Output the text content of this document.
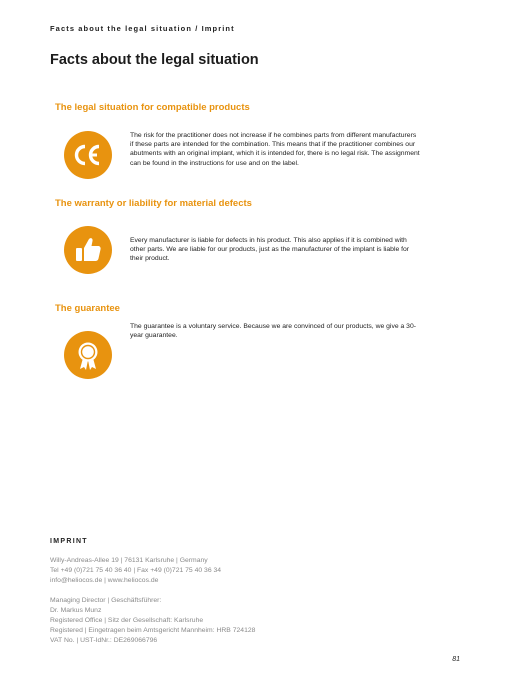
Facts about the legal situation / Imprint
Facts about the legal situation
The legal situation for compatible products
The risk for the practitioner does not increase if he combines parts from different manufacturers if these parts are intended for the combination. This means that if the practitioner combines our abutments with an original implant, which it is intended for, there is no legal risk. The assignment can be found in the instructions for use and on the label.
The warranty or liability for material defects
Every manufacturer is liable for defects in his product. This also applies if it is combined with other parts. We are liable for our products, just as the manufacturer of the implant is liable for their product.
The guarantee
The guarantee is a voluntary service. Because we are convinced of our products, we give a 30-year guarantee.
IMPRINT
Willy-Andreas-Allee 19 | 76131 Karlsruhe | Germany
Tel +49 (0)721 75 40 36 40 | Fax +49 (0)721 75 40 36 34
info@heliocos.de | www.heliocos.de
Managing Director | Geschäftsführer:
Dr. Markus Munz
Registered Office | Sitz der Gesellschaft: Karlsruhe
Registered | Eingetragen beim Amtsgericht Mannheim: HRB 724128
VAT No. | UST-IdNr.: DE269066796
81
